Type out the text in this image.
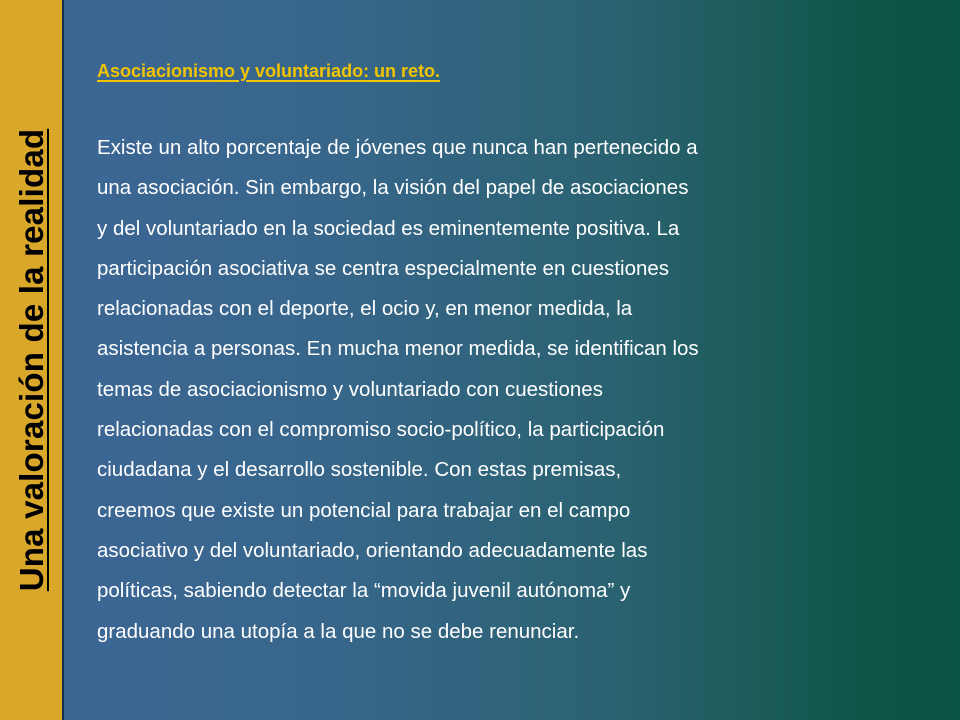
Una valoración de la realidad
Asociacionismo y voluntariado: un reto.

Existe un alto porcentaje de jóvenes que nunca han pertenecido a
una asociación. Sin embargo, la visión del papel de asociaciones
y del voluntariado en la sociedad es eminentemente positiva. La
participación asociativa se centra especialmente en cuestiones
relacionadas con el deporte, el ocio y, en menor medida, la
asistencia a personas. En mucha menor medida, se identifican los
temas de asociacionismo y voluntariado con cuestiones
relacionadas con el compromiso socio-político, la participación
ciudadana y el desarrollo sostenible. Con estas premisas,
creemos que existe un potencial para trabajar en el campo
asociativo y del voluntariado, orientando adecuadamente las
políticas, sabiendo detectar la “movida juvenil autónoma” y
graduando una utopía a la que no se debe renunciar.
